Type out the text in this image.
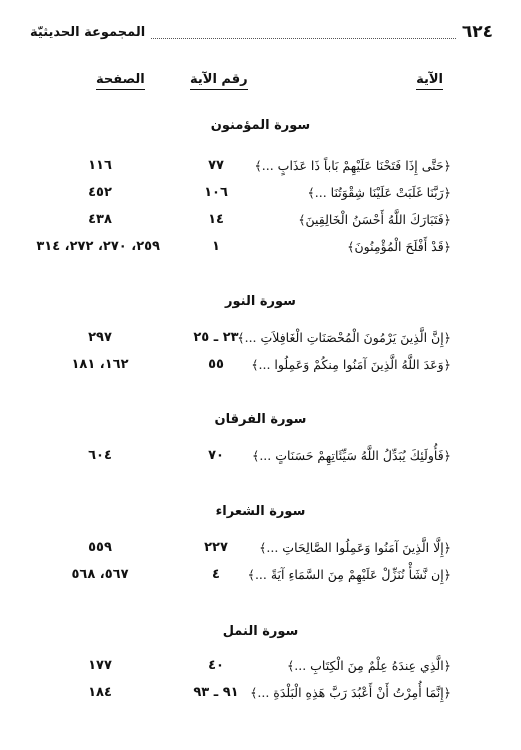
٦٢٤
المجموعة الحديثيّة
الآية
رقم الآية
الصفحة
سورة المؤمنون
﴿حَتَّى إِذَا فَتَحْنَا عَلَيْهِمْ بَاباً ذَا عَذَابٍ ...﴾
٧٧
١١٦
﴿رَبَّنَا غَلَبَتْ عَلَيْنَا شِقْوَتُنَا ...﴾
١٠٦
٤٥٢
﴿فَتَبَارَكَ اللَّهُ أَحْسَنُ الْخَالِقِينَ﴾
١٤
٤٣٨
﴿قَدْ أَفْلَحَ الْمُؤْمِنُونَ﴾
١
٢٥٩، ٢٧٠، ٢٧٢، ٣١٤
سورة النور
﴿إِنَّ الَّذِينَ يَرْمُونَ الْمُحْصَنَاتِ الْغَافِلاَتِ ...﴾
٢٣ ـ ٢٥
٢٩٧
﴿وَعَدَ اللَّهُ الَّذِينَ آمَنُوا مِنكُمْ وَعَمِلُوا ...﴾
٥٥
١٦٢، ١٨١
سورة الفرقان
﴿فَأُولَئِكَ يُبَدِّلُ اللَّهُ سَيِّئَاتِهِمْ حَسَنَاتٍ ...﴾
٧٠
٦٠٤
سورة الشعراء
﴿إِلَّا الَّذِينَ آمَنُوا وَعَمِلُوا الصَّالِحَاتِ ...﴾
٢٢٧
٥٥٩
﴿إِن نَّشَأْ نُنَزِّلْ عَلَيْهِمْ مِنَ السَّمَاءِ آيَةً ...﴾
٤
٥٦٧، ٥٦٨
سورة النمل
﴿الَّذِي عِندَهُ عِلْمٌ مِنَ الْكِتَابِ ...﴾
٤٠
١٧٧
﴿إِنَّمَا أُمِرْتُ أَنْ أَعْبُدَ رَبَّ هَذِهِ الْبَلْدَةِ ...﴾
٩١ ـ ٩٣
١٨٤
